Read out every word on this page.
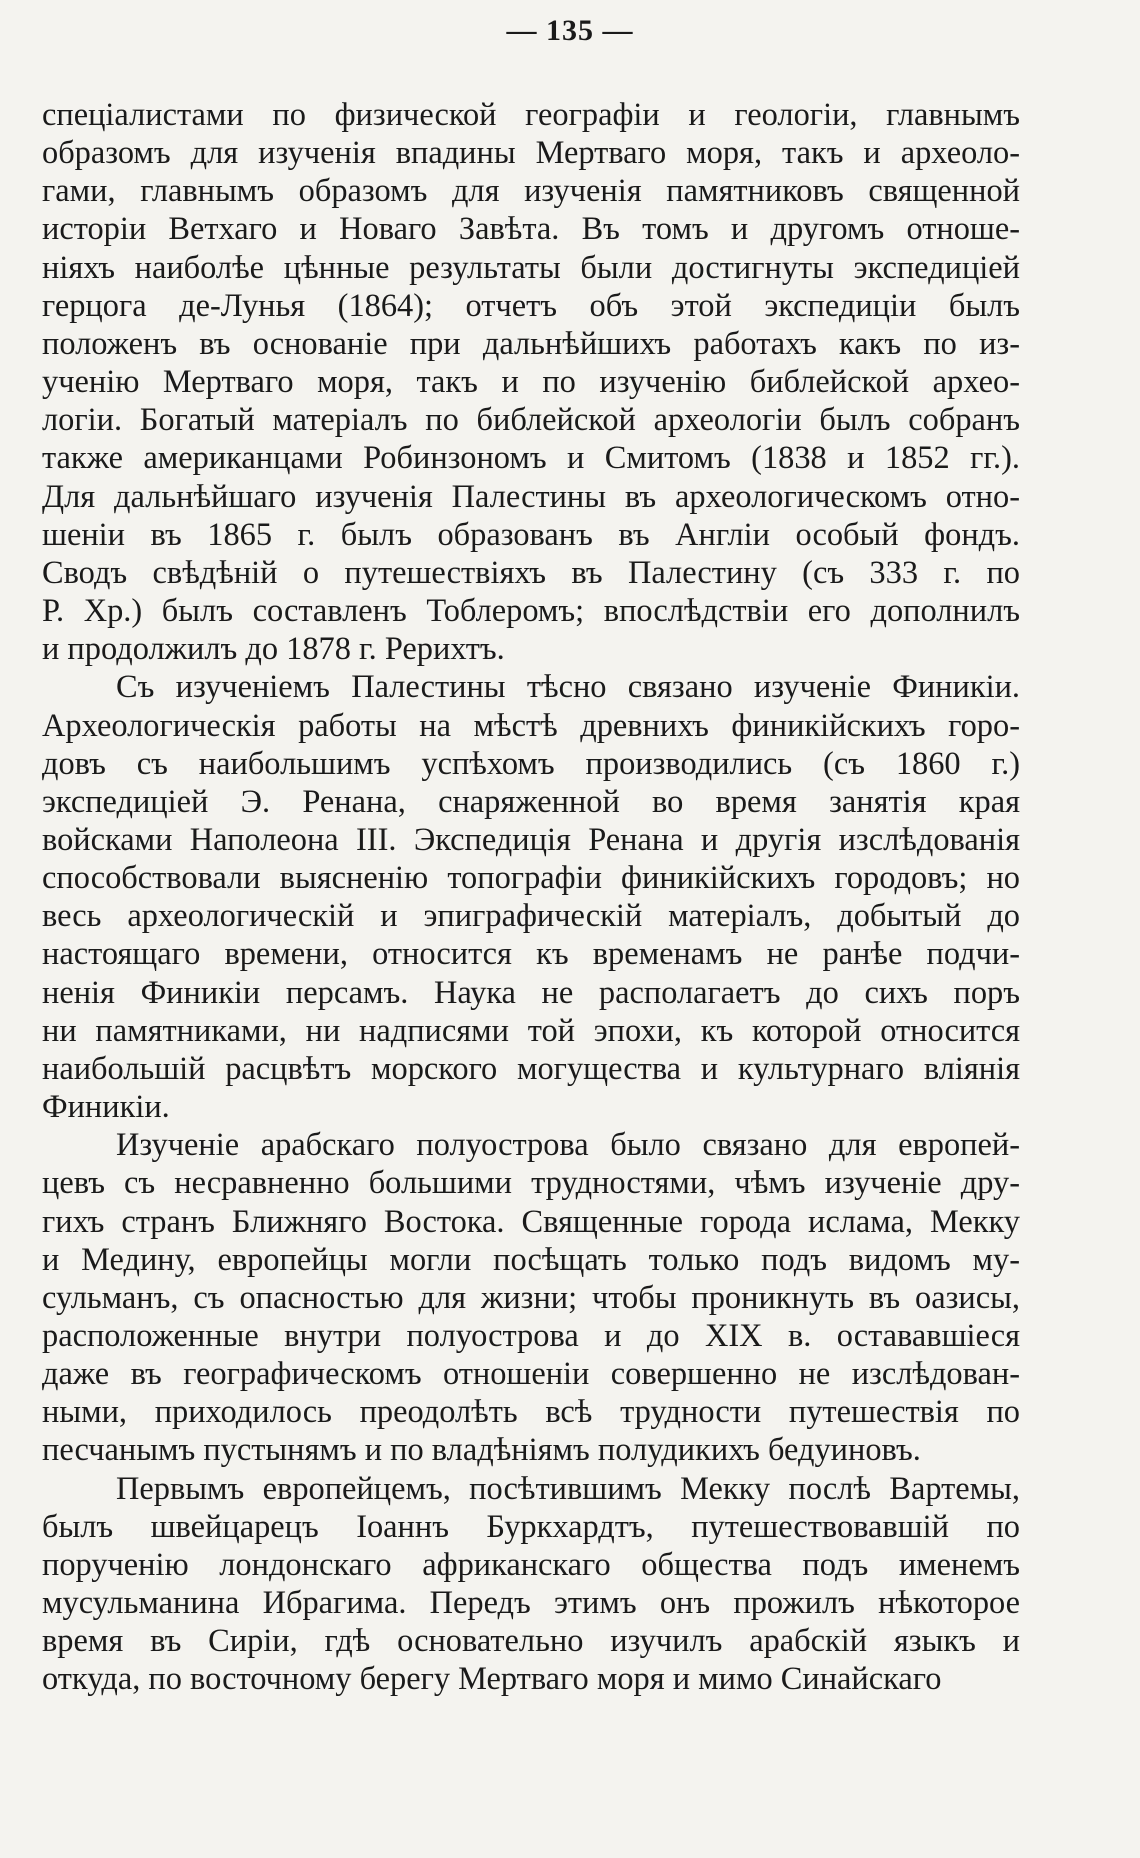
— 135 —

спеціалистами по физической географіи и геологіи, главнымъ
образомъ для изученія впадины Мертваго моря, такъ и археоло-
гами, главнымъ образомъ для изученія памятниковъ священной
исторіи Ветхаго и Новаго Завѣта. Въ томъ и другомъ отноше-
ніяхъ наиболѣе цѣнные результаты были достигнуты экспедиціей
герцога де-Лунья (1864); отчетъ объ этой экспедиціи былъ
положенъ въ основаніе при дальнѣйшихъ работахъ какъ по из-
ученію Мертваго моря, такъ и по изученію библейской архео-
логіи. Богатый матеріалъ по библейской археологіи былъ собранъ
также американцами Робинзономъ и Смитомъ (1838 и 1852 гг.).
Для дальнѣйшаго изученія Палестины въ археологическомъ отно-
шеніи въ 1865 г. былъ образованъ въ Англіи особый фондъ.
Сводъ свѣдѣній о путешествіяхъ въ Палестину (съ 333 г. по
Р. Хр.) былъ составленъ Тоблеромъ; впослѣдствіи его дополнилъ
и продолжилъ до 1878 г. Рерихтъ.

Съ изученіемъ Палестины тѣсно связано изученіе Финикіи.
Археологическія работы на мѣстѣ древнихъ финикійскихъ горо-
довъ съ наибольшимъ успѣхомъ производились (съ 1860 г.)
экспедиціей Э. Ренана, снаряженной во время занятія края
войсками Наполеона III. Экспедиція Ренана и другія изслѣдованія
способствовали выясненію топографіи финикійскихъ городовъ; но
весь археологическій и эпиграфическій матеріалъ, добытый до
настоящаго времени, относится къ временамъ не ранѣе подчи-
ненія Финикіи персамъ. Наука не располагаетъ до сихъ поръ
ни памятниками, ни надписями той эпохи, къ которой относится
наибольшій расцвѣтъ морского могущества и культурнаго вліянія
Финикіи.

Изученіе арабскаго полуострова было связано для европей-
цевъ съ несравненно большими трудностями, чѣмъ изученіе дру-
гихъ странъ Ближняго Востока. Священные города ислама, Мекку
и Медину, европейцы могли посѣщать только подъ видомъ му-
сульманъ, съ опасностью для жизни; чтобы проникнуть въ оазисы,
расположенные внутри полуострова и до XIX в. остававшіеся
даже въ географическомъ отношеніи совершенно не изслѣдован-
ными, приходилось преодолѣть всѣ трудности путешествія по
песчанымъ пустынямъ и по владѣніямъ полудикихъ бедуиновъ.

Первымъ европейцемъ, посѣтившимъ Мекку послѣ Вартемы,
былъ швейцарецъ Іоаннъ Буркхардтъ, путешествовавшій по
порученію лондонскаго африканскаго общества подъ именемъ
мусульманина Ибрагима. Передъ этимъ онъ прожилъ нѣкоторое
время въ Сиріи, гдѣ основательно изучилъ арабскій языкъ и
откуда, по восточному берегу Мертваго моря и мимо Синайскаго
